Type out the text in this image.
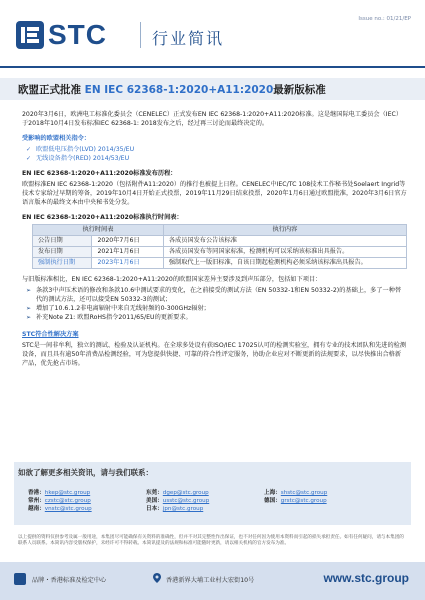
STC	行业简讯
Issue no.: 01/21/EP
欧盟正式批准 EN IEC 62368-1:2020+A11:2020最新版标准

2020年3月6日，欧洲电工标准化委员会（CENELEC）正式发布EN IEC 62368-1:2020+A11:2020标准。这是继国际电工委员会（IEC）于2018年10月4日发布标准IEC 62368-1: 2018发布之后，经过再三讨论而最终决定的。

受影响的欧盟相关指令：
✓ 欧盟低电压指令(LVD) 2014/35/EU
✓ 无线设备指令(RED) 2014/53/EU
EN IEC 62368-1:2020+A11:2020标准发布历程：

欧盟标准EN IEC 62368-1:2020（包括附件A11:2020）的推行也被提上日程。CENELEC中IEC/TC 108技术工作秘书处Soelaert Ingrid等技术专家给过早期的筹备，2019年10月4日开始正式投票，2019年11月29日结束投票，2020年1月6日通过欧盟批准，2020年3月6日官方语言版本的最终文本由中央秘书处分发。

EN IEC 62368-1:2020+A11:2020标准执行时间表：
执行时间表		执行内容
公告日期	2020年7月6日	各成员国发布公告该标准
发布日期	2021年1月6日	各成员国发布等同国家标准，检测机构可以采纳该标准出具报告。
强制执行日期	2023年1月6日	强制取代上一版旧标准，自该日期起检测机构必须采纳该标准出具报告。

与旧版标准相比，EN IEC 62368-1:2020+A11:2020的欧盟国家差异主要涉及到声压部分，包括如下项目：

➢ 条款3中声压术语的修改和条款10.6中测试要求的变化，在之前接受的测试方法（EN 50332-1和EN 50332-2)的基础上，多了一种替代的测试方法，还可以接受EN 50332-3的测试；
➢ 增加了10.6.1.2非电离辐射中来自无线射频的0-300GHz辐射；
➢ 补充Note Z1: 欧盟RoHS指令2011/65/EU的更新要求。
STC符合性解决方案

STC是一间非牟利，独立的测试、检验及认证机构。在全球多处设有获ISO/IEC 17025认可的检测实验室，拥有专业的技术团队和先进的检测设备，而且具有逾50年消费品检测经验，可为您提供快捷、可靠的符合性评定服务，协助企业应对不断更新的法规要求，以尽快推出合格新产品，优先抢占市场。

如欲了解更多相关资讯，请与我们联系：
香港：hkep@stc.group
常州：czstc@stc.group
越南：vnstc@stc.group
东莞：dgep@stc.group
美国：usstc@stc.group
日本：jpn@stc.group
上海：shstc@stc.group
德国：grstc@stc.group
以上提供的资料仅供参考及属一般用途，本集团尽可能确保有关资料的准确性，但并不对其完整性作出保证，也不对任何因为使用本资料而引起的损失承担责任。如有任何疑问，请与本集团的联系人员联系。本简讯内容受版权保护，未经许可不得转载。本简讯提及的法规和标准可能随时更新，请以相关机构的官方发布为准。
品牌・香港标准及检定中心	香港新界大埔工业村大宏街10号	www.stc.group
